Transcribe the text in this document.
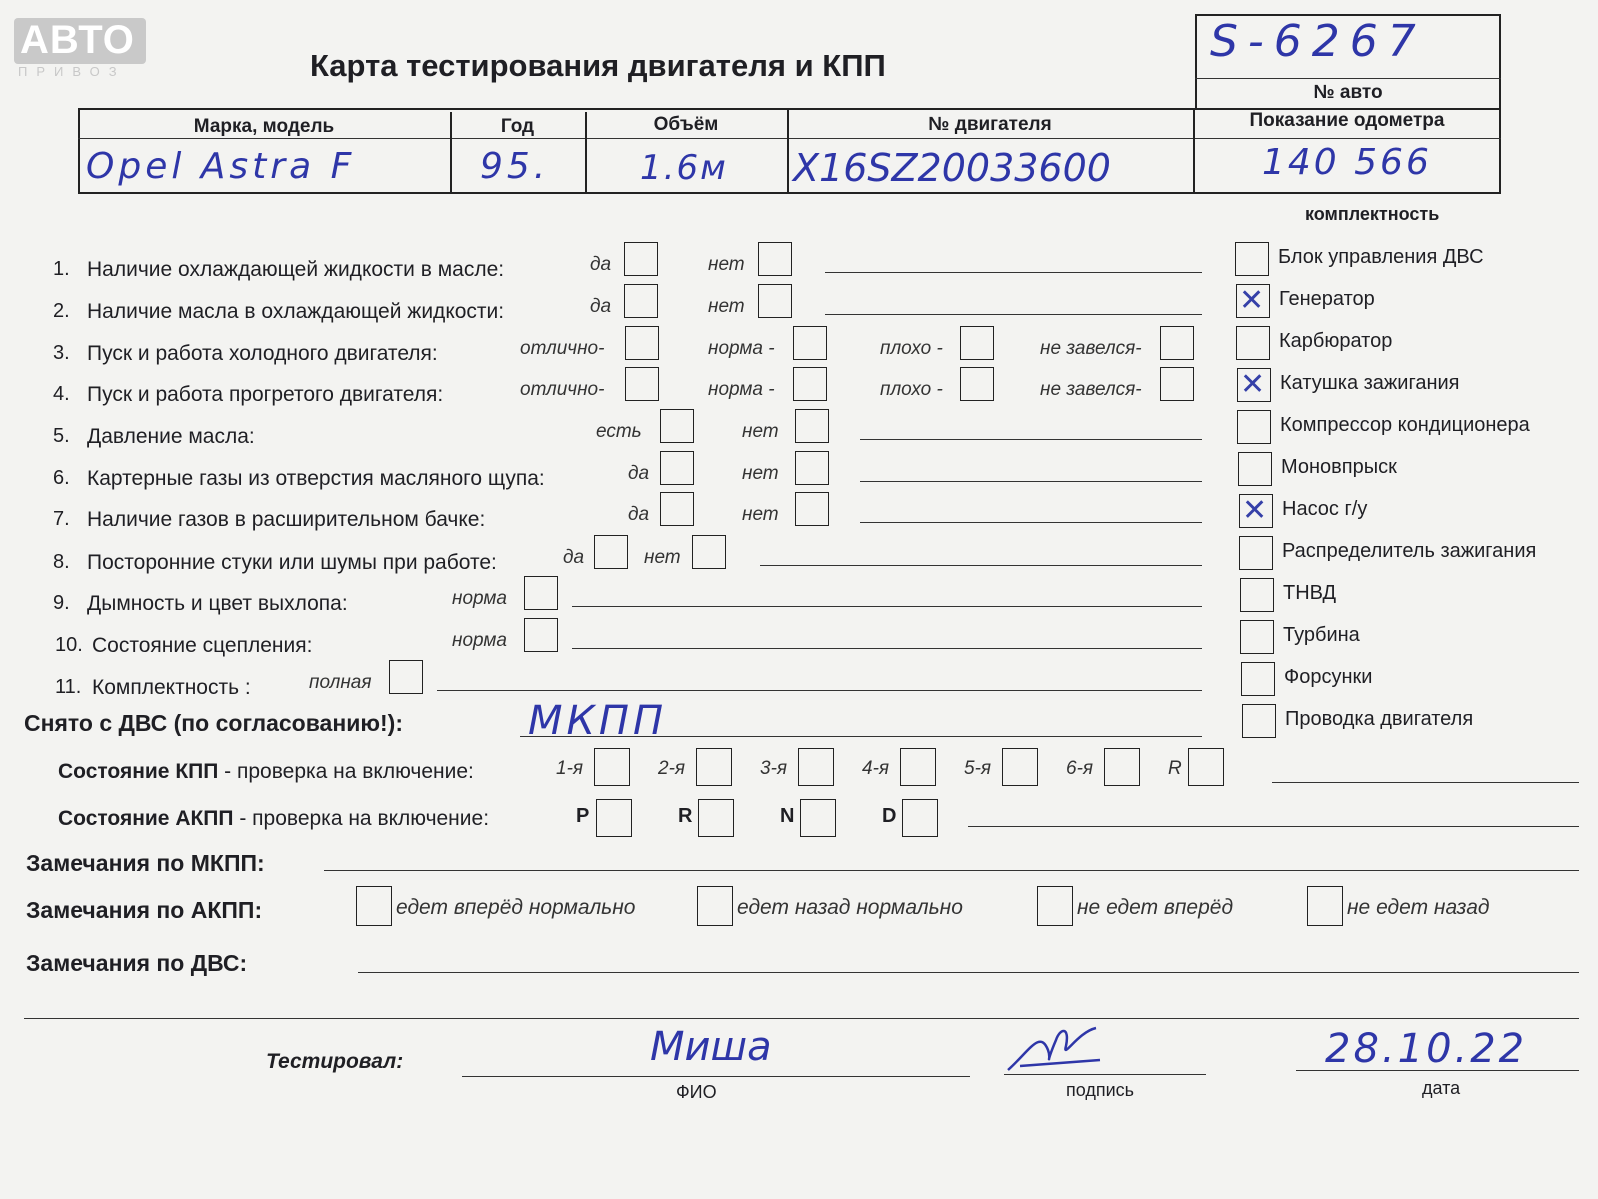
АВТО
ПРИВОЗ	Карта тестирования двигателя и КПП	S-6267
№ авто
Марка, модель	Год	Объём	№ двигателя	Показание одометра
Opel Astra F	95.	1.6м X16SZ20033600	140 566
комплектность
Блок управления ДВС
✕ Генератор
Карбюратор
✕ Катушка зажигания
Компрессор кондиционера
Моновпрыск
✕ Насос г/у
Распределитель зажигания
ТНВД
Турбина
Форсунки
Проводка двигателя
1. Наличие охлаждающей жидкости в масле:	да	нет
2. Наличие масла в охлаждающей жидкости:	да	нет
3. Пуск и работа холодного двигателя:	отлично-	норма -	плохо -	не завелся-
4. Пуск и работа прогретого двигателя:	отлично-	норма -	плохо -	не завелся-
5. Давление масла:	есть	нет
6. Картерные газы из отверстия масляного щупа:	да	нет
7. Наличие газов в расширительном бачке:	да	нет
8. Посторонние стуки или шумы при работе:	да	нет
9. Дымность и цвет выхлопа:	норма
10. Состояние сцепления:	норма
11. Комплектность :	полная
Снято с ДВС (по согласованию!):	МКПП
Состояние КПП - проверка на включение:	1-я	2-я	3-я	4-я	5-я	6-я	R
Состояние АКПП - проверка на включение:	P	R	N	D
Замечания по МКПП:
Замечания по АКПП:	едет вперёд нормально	едет назад нормально	не едет вперёд	не едет назад
Замечания по ДВС:
Тестировал:	Миша
ФИО	подпись
28.10.22
дата
